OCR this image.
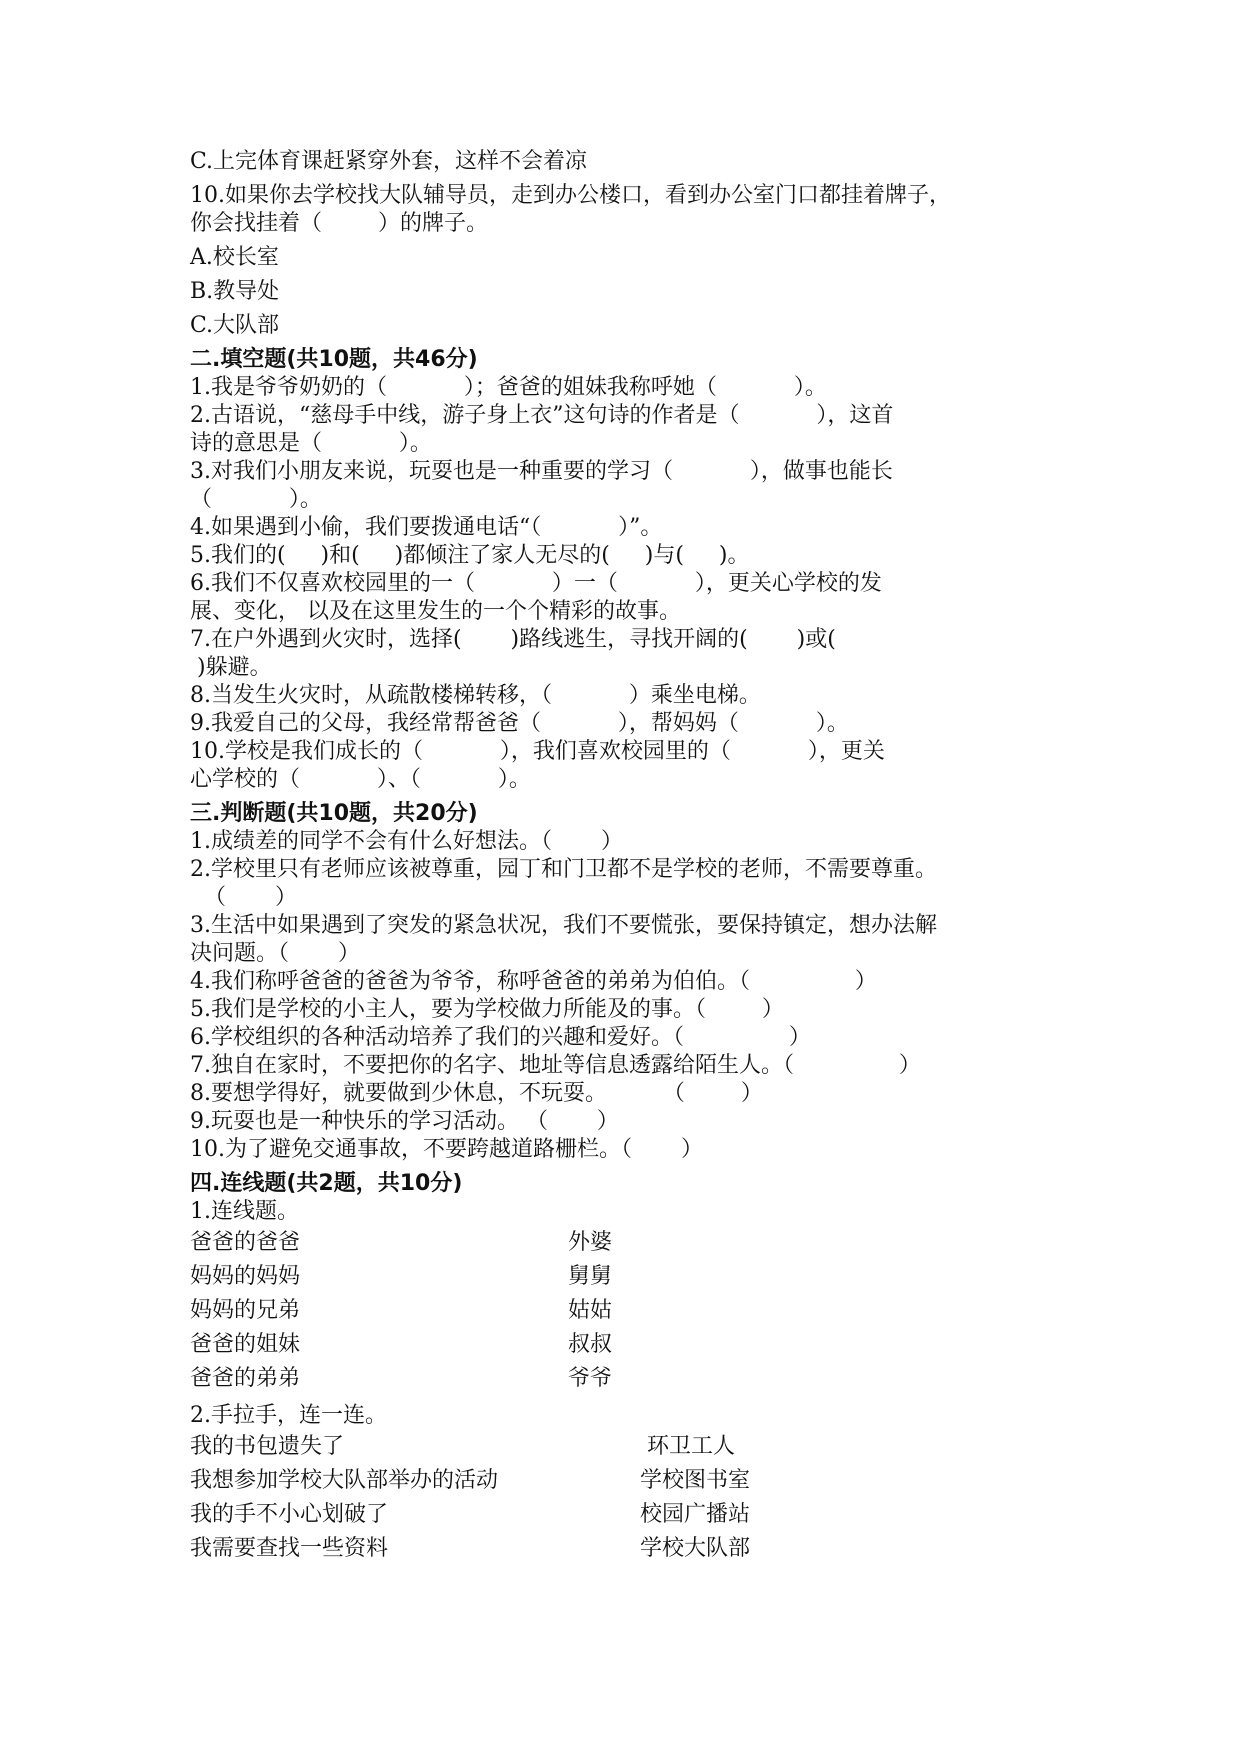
C.上完体育课赶紧穿外套，这样不会着凉

10.如果你去学校找大队辅导员，走到办公楼口，看到办公室门口都挂着牌子，

你会找挂着（        ）的牌子。

A.校长室

B.教导处

C.大队部

二.填空题(共10题，共46分)

1.我是爷爷奶奶的（           ）；爸爸的姐妹我称呼她（           ）。

2.古语说，“慈母手中线，游子身上衣”这句诗的作者是（           ），这首

诗的意思是（           ）。

3.对我们小朋友来说，玩耍也是一种重要的学习（           ），做事也能长

（           ）。

4.如果遇到小偷，我们要拨通电话“（           ）”。

5.我们的(     )和(     )都倾注了家人无尽的(     )与(     )。

6.我们不仅喜欢校园里的一（           ）一（           ），更关心学校的发

展、变化， 以及在这里发生的一个个精彩的故事。

7.在户外遇到火灾时，选择(       )路线逃生，寻找开阔的(       )或(

)躲避。

8.当发生火灾时，从疏散楼梯转移，（           ）乘坐电梯。

9.我爱自己的父母，我经常帮爸爸（           ），帮妈妈（           ）。

10.学校是我们成长的（           ），我们喜欢校园里的（           ），更关

心学校的（           ）、（           ）。

三.判断题(共10题，共20分)

1.成绩差的同学不会有什么好想法。（       ）

2.学校里只有老师应该被尊重，园丁和门卫都不是学校的老师，不需要尊重。

（       ）

3.生活中如果遇到了突发的紧急状况，我们不要慌张，要保持镇定，想办法解

决问题。（       ）

4.我们称呼爸爸的爸爸为爷爷，称呼爸爸的弟弟为伯伯。（               ）

5.我们是学校的小主人，要为学校做力所能及的事。（        ）

6.学校组织的各种活动培养了我们的兴趣和爱好。（               ）

7.独自在家时，不要把你的名字、地址等信息透露给陌生人。（               ）

8.要想学得好，就要做到少休息，不玩耍。        （        ）

9.玩耍也是一种快乐的学习活动。 （       ）

10.为了避免交通事故，不要跨越道路栅栏。（       ）

四.连线题(共2题，共10分)

1.连线题。

爸爸的爸爸	外婆
妈妈的妈妈	舅舅
妈妈的兄弟	姑姑
爸爸的姐妹	叔叔
爸爸的弟弟	爷爷

2.手拉手，连一连。

我的书包遗失了	环卫工人
我想参加学校大队部举办的活动	学校图书室
我的手不小心划破了	校园广播站
我需要查找一些资料	学校大队部
